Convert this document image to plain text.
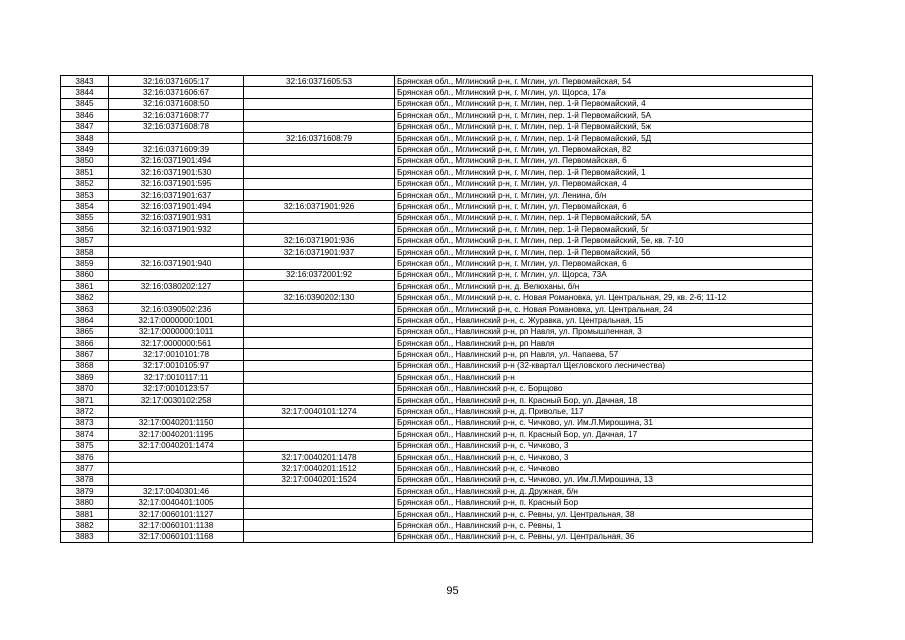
3843	32:16:0371605:17	32:16:0371605:53	Брянская обл., Мглинский р-н, г. Мглин, ул. Первомайская, 54
3844	32:16:0371606:67		Брянская обл., Мглинский р-н, г. Мглин, ул. Щорса, 17а
3845	32:16:0371608:50		Брянская обл., Мглинский р-н, г. Мглин, пер. 1-й Первомайский, 4
3846	32:16:0371608:77		Брянская обл., Мглинский р-н, г. Мглин, пер. 1-й Первомайский, 5А
3847	32:16:0371608:78		Брянская обл., Мглинский р-н, г. Мглин, пер. 1-й Первомайский, 5ж
3848		32:16:0371608:79	Брянская обл., Мглинский р-н, г. Мглин, пер. 1-й Первомайский, 5Д
3849	32:16:0371609:39		Брянская обл., Мглинский р-н, г. Мглин, ул. Первомайская, 82
3850	32:16:0371901:494		Брянская обл., Мглинский р-н, г. Мглин, ул. Первомайская, 6
3851	32:16:0371901:530		Брянская обл., Мглинский р-н, г. Мглин, пер. 1-й Первомайский, 1
3852	32:16:0371901:595		Брянская обл., Мглинский р-н, г. Мглин, ул. Первомайская, 4
3853	32:16:0371901:637		Брянская обл., Мглинский р-н, г. Мглин, ул. Ленина, б/н
3854	32:16:0371901:494	32:16:0371901:926	Брянская обл., Мглинский р-н, г. Мглин, ул. Первомайская, 6
3855	32:16:0371901:931		Брянская обл., Мглинский р-н, г. Мглин, пер. 1-й Первомайский, 5А
3856	32:16:0371901:932		Брянская обл., Мглинский р-н, г. Мглин, пер. 1-й Первомайский, 5г
3857		32:16:0371901:936	Брянская обл., Мглинский р-н, г. Мглин, пер. 1-й Первомайский, 5е, кв. 7-10
3858		32:16:0371901:937	Брянская обл., Мглинский р-н, г. Мглин, пер. 1-й Первомайский, 5б
3859	32:16:0371901:940		Брянская обл., Мглинский р-н, г. Мглин, ул. Первомайская, 6
3860		32:16:0372001:92	Брянская обл., Мглинский р-н, г. Мглин, ул. Щорса, 73А
3861	32:16:0380202:127		Брянская обл., Мглинский р-н, д. Велюханы, б/н
3862		32:16:0390202:130	Брянская обл., Мглинский р-н, с. Новая Романовка, ул. Центральная, 29, кв. 2-6; 11-12
3863	32:16:0390502:236		Брянская обл., Мглинский р-н, с. Новая Романовка, ул. Центральная, 24
3864	32:17:0000000:1001		Брянская обл., Навлинский р-н, с. Журавка, ул. Центральная, 15
3865	32:17:0000000:1011		Брянская обл., Навлинский р-н, рп Навля, ул. Промышленная, 3
3866	32:17:0000000:561		Брянская обл., Навлинский р-н, рп Навля
3867	32:17:0010101:78		Брянская обл., Навлинский р-н, рп Навля, ул. Чапаева, 57
3868	32:17:0010105:97		Брянская обл., Навлинский р-н (32-квартал Щегловского лесничества)
3869	32:17:0010117:11		Брянская обл., Навлинский р-н
3870	32:17:0010123:57		Брянская обл., Навлинский р-н, с. Борщово
3871	32:17:0030102:258		Брянская обл., Навлинский р-н, п. Красный Бор, ул. Дачная, 18
3872		32:17:0040101:1274	Брянская обл., Навлинский р-н, д. Приволье, 117
3873	32:17:0040201:1150		Брянская обл., Навлинский р-н, с. Чичково, ул. Им.Л.Мирошина, 31
3874	32:17:0040201:1195		Брянская обл., Навлинский р-н, п. Красный Бор, ул. Дачная, 17
3875	32:17:0040201:1474		Брянская обл., Навлинский р-н, с. Чичково, 3
3876		32:17:0040201:1478	Брянская обл., Навлинский р-н, с. Чичково, 3
3877		32:17:0040201:1512	Брянская обл., Навлинский р-н, с. Чичково
3878		32:17:0040201:1524	Брянская обл., Навлинский р-н, с. Чичково, ул. Им.Л.Мирошина, 13
3879	32:17:0040301:46		Брянская обл., Навлинский р-н, д. Дружная, б/н
3880	32:17:0040401:1005		Брянская обл., Навлинский р-н, п. Красный Бор
3881	32:17:0060101:1127		Брянская обл., Навлинский р-н, с. Ревны, ул. Центральная, 38
3882	32:17:0060101:1138		Брянская обл., Навлинский р-н, с. Ревны, 1
3883	32:17:0060101:1168		Брянская обл., Навлинский р-н, с. Ревны, ул. Центральная, 36
95
